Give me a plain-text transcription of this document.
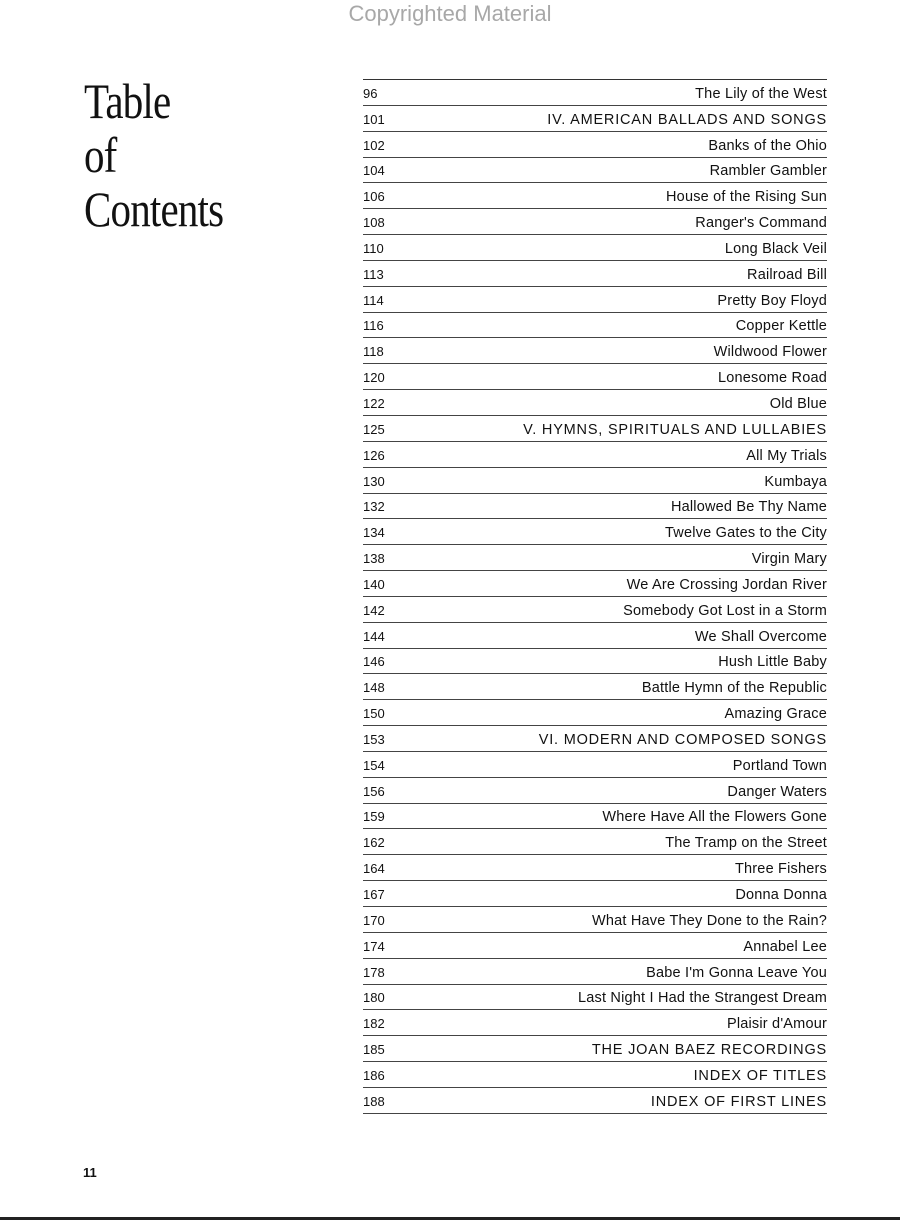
Copyrighted Material
Table
of
Contents
96	The Lily of the West
101	IV. AMERICAN BALLADS AND SONGS
102	Banks of the Ohio
104	Rambler Gambler
106	House of the Rising Sun
108	Ranger's Command
110	Long Black Veil
113	Railroad Bill
114	Pretty Boy Floyd
116	Copper Kettle
118	Wildwood Flower
120	Lonesome Road
122	Old Blue
125	V. HYMNS, SPIRITUALS AND LULLABIES
126	All My Trials
130	Kumbaya
132	Hallowed Be Thy Name
134	Twelve Gates to the City
138	Virgin Mary
140	We Are Crossing Jordan River
142	Somebody Got Lost in a Storm
144	We Shall Overcome
146	Hush Little Baby
148	Battle Hymn of the Republic
150	Amazing Grace
153	VI. MODERN AND COMPOSED SONGS
154	Portland Town
156	Danger Waters
159	Where Have All the Flowers Gone
162	The Tramp on the Street
164	Three Fishers
167	Donna Donna
170	What Have They Done to the Rain?
174	Annabel Lee
178	Babe I'm Gonna Leave You
180	Last Night I Had the Strangest Dream
182	Plaisir d'Amour
185	THE JOAN BAEZ RECORDINGS
186	INDEX OF TITLES
188	INDEX OF FIRST LINES
11
